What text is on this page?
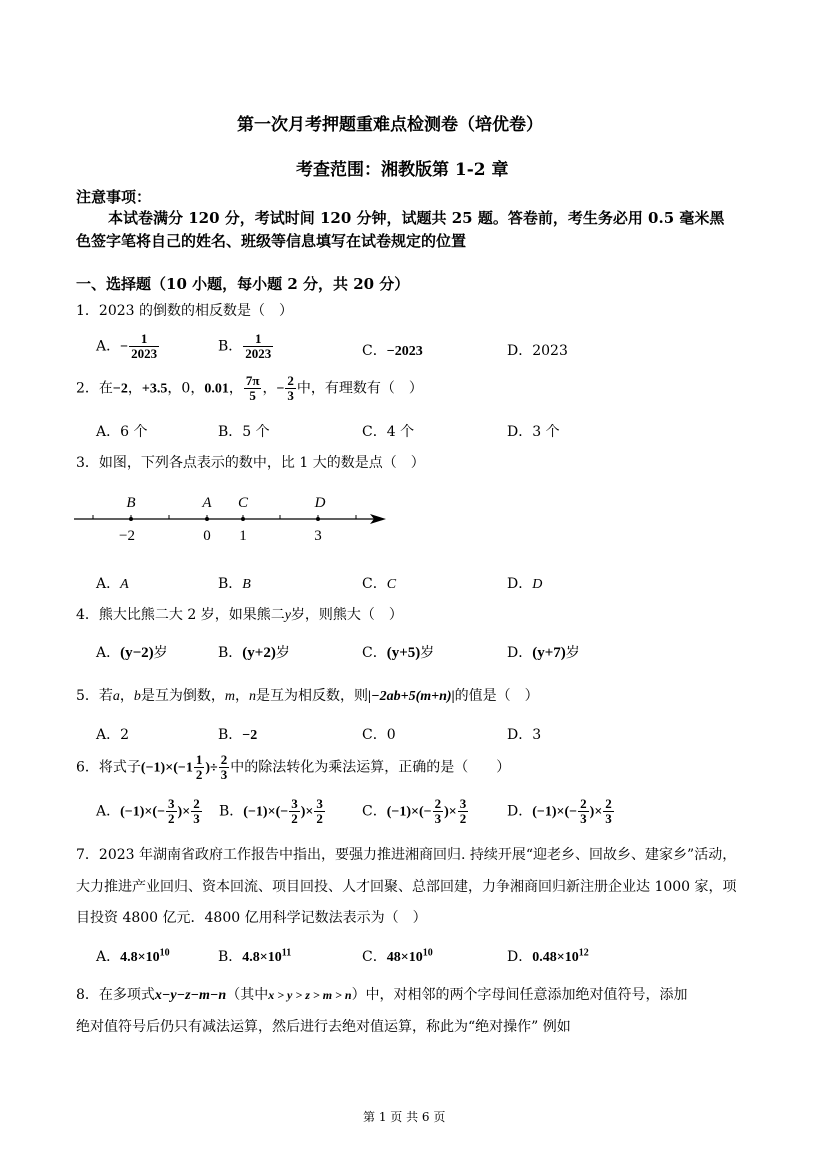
第一次月考押题重难点检测卷（培优卷）
考查范围：湘教版第 1-2 章
注意事项：
本试卷满分 120 分，考试时间 120 分钟，试题共 25 题。答卷前，考生务必用 0.5 毫米黑
色签字笔将自己的姓名、班级等信息填写在试卷规定的位置
一、选择题（10 小题，每小题 2 分，共 20 分）
1．2023 的倒数的相反数是（　）
A．− $\frac{1}{2023}$	B． $\frac{1}{2023}$	C．−2023	D．2023
2．在−2，+3.5，0，0.01， $\frac{7\pi}{5}$ ，− $\frac{2}{3}$ 中，有理数有（　）
A．6 个	B．5 个	C．4 个	D．3 个
3．如图，下列各点表示的数中，比 1 大的数是点（　）
B	A C	D
−2	0 1	3
A．A	B．B	C．C	D．D
4．熊大比熊二大 2 岁，如果熊二y岁，则熊大（　）
A．(y−2)岁	B．(y+2)岁	C．(y+5)岁	D．(y+7)岁
5．若a，b是互为倒数，m，n是互为相反数，则|−2ab+5(m+n)|的值是（　）
A．2	B．−2	C．0	D．3
6．将式子$(-1)\times(-1 \frac{1}{2}$ )÷ $\frac{2}{3}$ 中的除法转化为乘法运算，正确的是（　　）
A．$(-1)\times(- \frac{3}{2}$ )× $\frac{2}{3}$ B．$(-1)\times(- \frac{3}{2}$ )× $\frac{3}{2}$	C．$(-1)\times(- \frac{2}{3}$ )× $\frac{3}{2}$	D．$(-1)\times(- \frac{2}{3}$ )× $\frac{2}{3}$
7．2023 年湖南省政府工作报告中指出，要强力推进湘商回归. 持续开展“迎老乡、回故乡、建家乡”活动，
大力推进产业回归、资本回流、项目回投、人才回聚、总部回建，力争湘商回归新注册企业达 1000 家，项
目投资 4800 亿元．4800 亿用科学记数法表示为（　）
A．$4.8\times 10^{10}$	B．$4.8\times 10^{11}$	C．$48\times 10^{10}$	D．$0.48\times 10^{12}$
8．在多项式x−y−z−m−n（其中x > y > z > m > n）中，对相邻的两个字母间任意添加绝对值符号，添加
绝对值符号后仍只有减法运算，然后进行去绝对值运算，称此为“绝对操作” 例如
第 1 页 共 6 页
